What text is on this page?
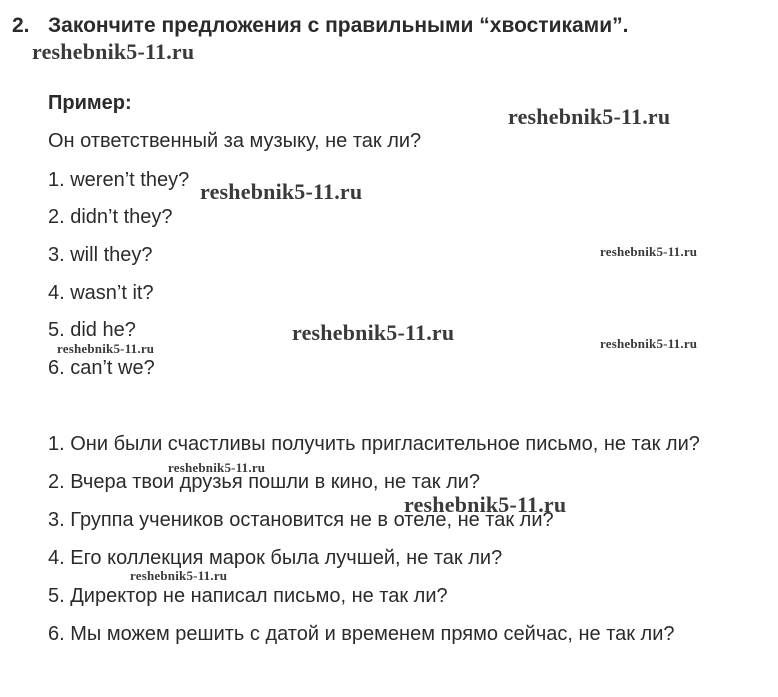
2. Закончите предложения с правильными “хвостиками”.
Пример:
Он ответственный за музыку, не так ли?
1. weren’t they?
2. didn’t they?
3. will they?
4. wasn’t it?
5. did he?
6. can’t we?
1. Они были счастливы получить пригласительное письмо, не так ли?
2. Вчера твои друзья пошли в кино, не так ли?
3. Группа учеников остановится не в отеле, не так ли?
4. Его коллекция марок была лучшей, не так ли?
5. Директор не написал письмо, не так ли?
6. Мы можем решить с датой и временем прямо сейчас, не так ли?
reshebnik5-11.ru
reshebnik5-11.ru
reshebnik5-11.ru
reshebnik5-11.ru
reshebnik5-11.ru	reshebnik5-11.ru
reshebnik5-11.ru
reshebnik5-11.ru
reshebnik5-11.ru
reshebnik5-11.ru
